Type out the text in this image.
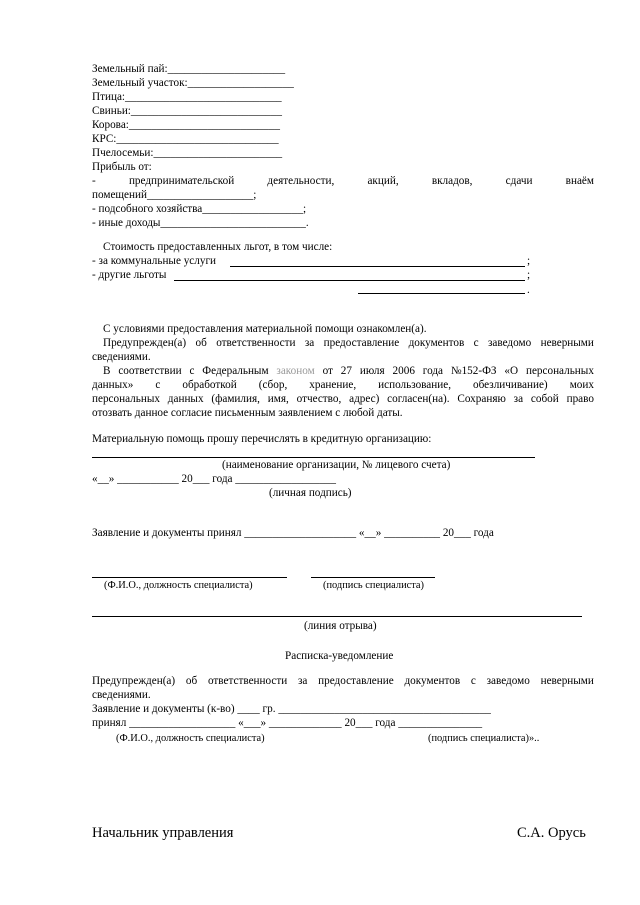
Земельный пай:_____________________
Земельный участок:___________________
Птица:____________________________
Свиньи:___________________________
Корова:___________________________
КРС:_____________________________
Пчелосемьи:_______________________
Прибыль от:
-	предпринимательской	деятельности,	акций,	вкладов,	сдачи	внаём
помещений___________________;
- подсобного хозяйства__________________;
- иные доходы__________________________.
Стоимость предоставленных льгот, в том числе:
- за коммунальные услуги	;
- другие льготы	;
.
С условиями предоставления материальной помощи ознакомлен(а).
Предупрежден(а) об ответственности за предоставление документов с заведомо неверными
сведениями.
В соответствии с Федеральным законом от 27 июля 2006 года №152-ФЗ «О персональных
данных» с обработкой (сбор, хранение, использование, обезличивание) моих
персональных данных (фамилия, имя, отчество, адрес) согласен(на). Сохраняю за собой право
отозвать данное согласие письменным заявлением с любой даты.
Материальную помощь прошу перечислять в кредитную организацию:
(наименование организации, № лицевого счета)
«__» ___________ 20___ года __________________
(личная подпись)
Заявление и документы принял ____________________ «__» __________ 20___ года
(Ф.И.О., должность специалиста)	(подпись специалиста)
(линия отрыва)
Расписка-уведомление
Предупрежден(а) об ответственности за предоставление документов с заведомо неверными
сведениями.
Заявление и документы (к-во) ____ гр. ______________________________________
принял ___________________ «___» _____________ 20___ года _______________
(Ф.И.О., должность специалиста)	(подпись специалиста)»..
Начальник управления	С.А. Орусь
